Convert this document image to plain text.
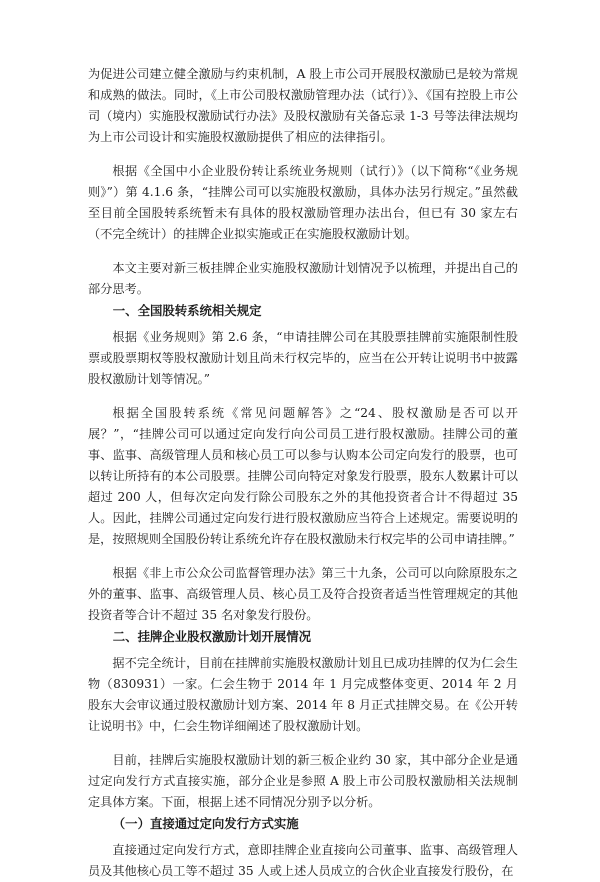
为促进公司建立健全激励与约束机制，A 股上市公司开展股权激励已是较为常规和成熟的做法。同时，《上市公司股权激励管理办法（试行）》、《国有控股上市公司（境内）实施股权激励试行办法》及股权激励有关备忘录 1-3 号等法律法规均为上市公司设计和实施股权激励提供了相应的法律指引。

根据《全国中小企业股份转让系统业务规则（试行）》（以下简称“《业务规则》”）第 4.1.6 条，“挂牌公司可以实施股权激励，具体办法另行规定。”虽然截至目前全国股转系统暂未有具体的股权激励管理办法出台，但已有 30 家左右（不完全统计）的挂牌企业拟实施或正在实施股权激励计划。

本文主要对新三板挂牌企业实施股权激励计划情况予以梳理，并提出自己的部分思考。

一、全国股转系统相关规定

根据《业务规则》第 2.6 条，“申请挂牌公司在其股票挂牌前实施限制性股票或股票期权等股权激励计划且尚未行权完毕的，应当在公开转让说明书中披露股权激励计划等情况。”

根据全国股转系统《常见问题解答》之“24、股权激励是否可以开展？”，“挂牌公司可以通过定向发行向公司员工进行股权激励。挂牌公司的董事、监事、高级管理人员和核心员工可以参与认购本公司定向发行的股票，也可以转让所持有的本公司股票。挂牌公司向特定对象发行股票，股东人数累计可以超过 200 人，但每次定向发行除公司股东之外的其他投资者合计不得超过 35 人。因此，挂牌公司通过定向发行进行股权激励应当符合上述规定。需要说明的是，按照规则全国股份转让系统允许存在股权激励未行权完毕的公司申请挂牌。”

根据《非上市公众公司监督管理办法》第三十九条，公司可以向除原股东之外的董事、监事、高级管理人员、核心员工及符合投资者适当性管理规定的其他投资者等合计不超过 35 名对象发行股份。

二、挂牌企业股权激励计划开展情况

据不完全统计，目前在挂牌前实施股权激励计划且已成功挂牌的仅为仁会生物（830931）一家。仁会生物于 2014 年 1 月完成整体变更、2014 年 2 月股东大会审议通过股权激励计划方案、2014 年 8 月正式挂牌交易。在《公开转让说明书》中，仁会生物详细阐述了股权激励计划。

目前，挂牌后实施股权激励计划的新三板企业约 30 家，其中部分企业是通过定向发行方式直接实施，部分企业是参照 A 股上市公司股权激励相关法规制定具体方案。下面，根据上述不同情况分别予以分析。

（一）直接通过定向发行方式实施

直接通过定向发行方式，意即挂牌企业直接向公司董事、监事、高级管理人员及其他核心员工等不超过 35 人或上述人员成立的合伙企业直接发行股份，在
